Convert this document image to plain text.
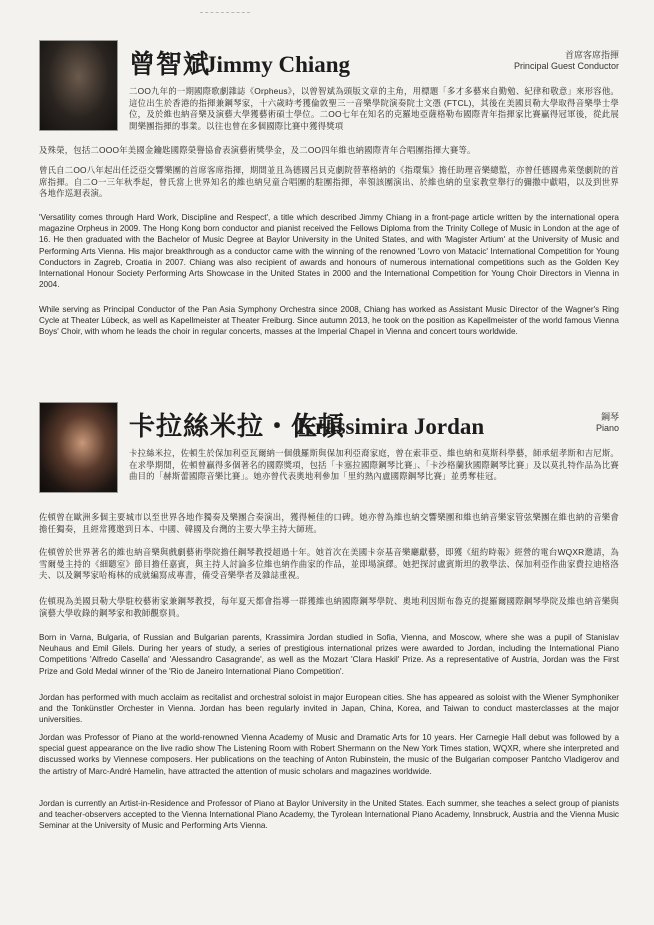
曾智斌
Jimmy Chiang	首席客席指揮
Principal Guest Conductor

二OO九年的一期國際歌劇雜誌《Orpheus》，以曾智斌為頭版文章的主角，用標題「多才多藝來自勤勉、紀律和敬意」來形容他。這位出生於香港的指揮兼鋼琴家，十六歲時考獲倫敦聖三一音樂學院演奏院士文憑 (FTCL)，其後在美國貝勒大學取得音樂學士學位，及於維也納音樂及演藝大學獲藝術碩士學位。二OO七年在知名的克羅地亞薩格勒布國際青年指揮家比賽贏得冠軍後，從此展開樂團指揮的事業。以往也曾在多個國際比賽中獲得獎項

及殊榮，包括二OOO年美國金鑰匙國際榮譽協會表演藝術獎學金，及二OO四年維也納國際青年合唱團指揮大賽等。

曾氏自二OO八年起出任泛亞交響樂團的首席客席指揮，期間並且為德國呂貝克劇院替華格納的《指環集》擔任助理音樂總監，亦曾任德國弗萊堡劇院的首席指揮。自二O一三年秋季起，曾氏當上世界知名的維也納兒童合唱團的駐團指揮，率領該團演出、於維也納的皇家教堂舉行的彌撒中獻唱，以及到世界各地作巡迴表演。

'Versatility comes through Hard Work, Discipline and Respect', a title which described Jimmy Chiang in a front-page article written by the international opera magazine Orpheus in 2009. The Hong Kong born conductor and pianist received the Fellows Diploma from the Trinity College of Music in London at the age of 16. He then graduated with the Bachelor of Music Degree at Baylor University in the United States, and with 'Magister Artium' at the University of Music and Performing Arts Vienna. His major breakthrough as a conductor came with the winning of the renowned 'Lovro von Matacic' International Competition for Young Conductors in Zagreb, Croatia in 2007. Chiang was also recipient of awards and honours of numerous international competitions such as the Golden Key International Honour Society Performing Arts Showcase in the United States in 2000 and the International Competition for Young Choir Directors in Vienna in 2004.

While serving as Principal Conductor of the Pan Asia Symphony Orchestra since 2008, Chiang has worked as Assistant Music Director of the Wagner's Ring Cycle at Theater Lübeck, as well as Kapellmeister at Theater Freiburg. Since autumn 2013, he took on the position as Kapellmeister of the world famous Vienna Boys' Choir, with whom he leads the choir in regular concerts, masses at the Imperial Chapel in Vienna and concert tours worldwide.

卡拉絲米拉・佐頓
Krassimira Jordan	鋼琴
Piano

卡拉絲米拉，佐頓生於保加利亞瓦爾納一個俄羅斯與保加利亞裔家庭，曾在索菲亞、維也納和莫斯科學藝，師承紐孝斯和吉尼斯。在求學期間，佐頓曾贏得多個著名的國際獎項，包括「卡塞拉國際鋼琴比賽」、「卡沙格蘭狄國際鋼琴比賽」及以莫扎特作品為比賽曲目的「赫斯蕾國際音樂比賽」。她亦曾代表奧地利參加「里約熱內盧國際鋼琴比賽」並勇奪桂冠。

佐頓曾在歐洲多個主要城市以至世界各地作獨奏及樂團合奏演出，獲得極佳的口碑。她亦曾為維也納交響樂團和維也納音樂家管弦樂團在維也納的音樂會擔任獨奏，且經常獲邀到日本、中國、韓國及台灣的主要大學主持大師班。

佐頓曾於世界著名的維也納音樂與戲劇藝術學院擔任鋼琴教授超過十年。她首次在美國卡奈基音樂廳獻藝，即獲《紐約時報》經營的電台WQXR邀請，為雪爾曼主持的《細聽室》節目擔任嘉賓，與主持人討論多位維也納作曲家的作品，並即場演繹。她把探討盧賓斯坦的教學法、保加利亞作曲家費拉迪格洛夫、以及鋼琴家哈梅林的成就編寫成專書，備受音樂學者及雜誌重視。

佐頓現為美國貝勒大學駐校藝術家兼鋼琴教授，每年夏天都會指導一群獲維也納國際鋼琴學院、奧地利因斯布魯克的提羅爾國際鋼琴學院及維也納音樂與演藝大學收錄的鋼琴家和教師觀察員。

Born in Varna, Bulgaria, of Russian and Bulgarian parents, Krassimira Jordan studied in Sofia, Vienna, and Moscow, where she was a pupil of Stanislav Neuhaus and Emil Gilels. During her years of study, a series of prestigious international prizes were awarded to Jordan, including the International Piano Competitions 'Alfredo Casella' and 'Alessandro Casagrande', as well as the Mozart 'Clara Haskil' Prize. As a representative of Austria, Jordan was the First Prize and Gold Medal winner of the 'Rio de Janeiro International Piano Competition'.

Jordan has performed with much acclaim as recitalist and orchestral soloist in major European cities. She has appeared as soloist with the Wiener Symphoniker and the Tonkünstler Orchester in Vienna. Jordan has been regularly invited in Japan, China, Korea, and Taiwan to conduct masterclasses at the major universities.

Jordan was Professor of Piano at the world-renowned Vienna Academy of Music and Dramatic Arts for 10 years. Her Carnegie Hall debut was followed by a special guest appearance on the live radio show The Listening Room with Robert Shermann on the New York Times station, WQXR, where she interpreted and discussed works by Viennese composers. Her publications on the teaching of Anton Rubinstein, the music of the Bulgarian composer Pantcho Vladigerov and the artistry of Marc-André Hamelin, have attracted the attention of music scholars and magazines worldwide.

Jordan is currently an Artist-in-Residence and Professor of Piano at Baylor University in the United States. Each summer, she teaches a select group of pianists and teacher-observers accepted to the Vienna International Piano Academy, the Tyrolean International Piano Academy, Innsbruck, Austria and the Vienna Music Seminar at the University of Music and Performing Arts Vienna.
